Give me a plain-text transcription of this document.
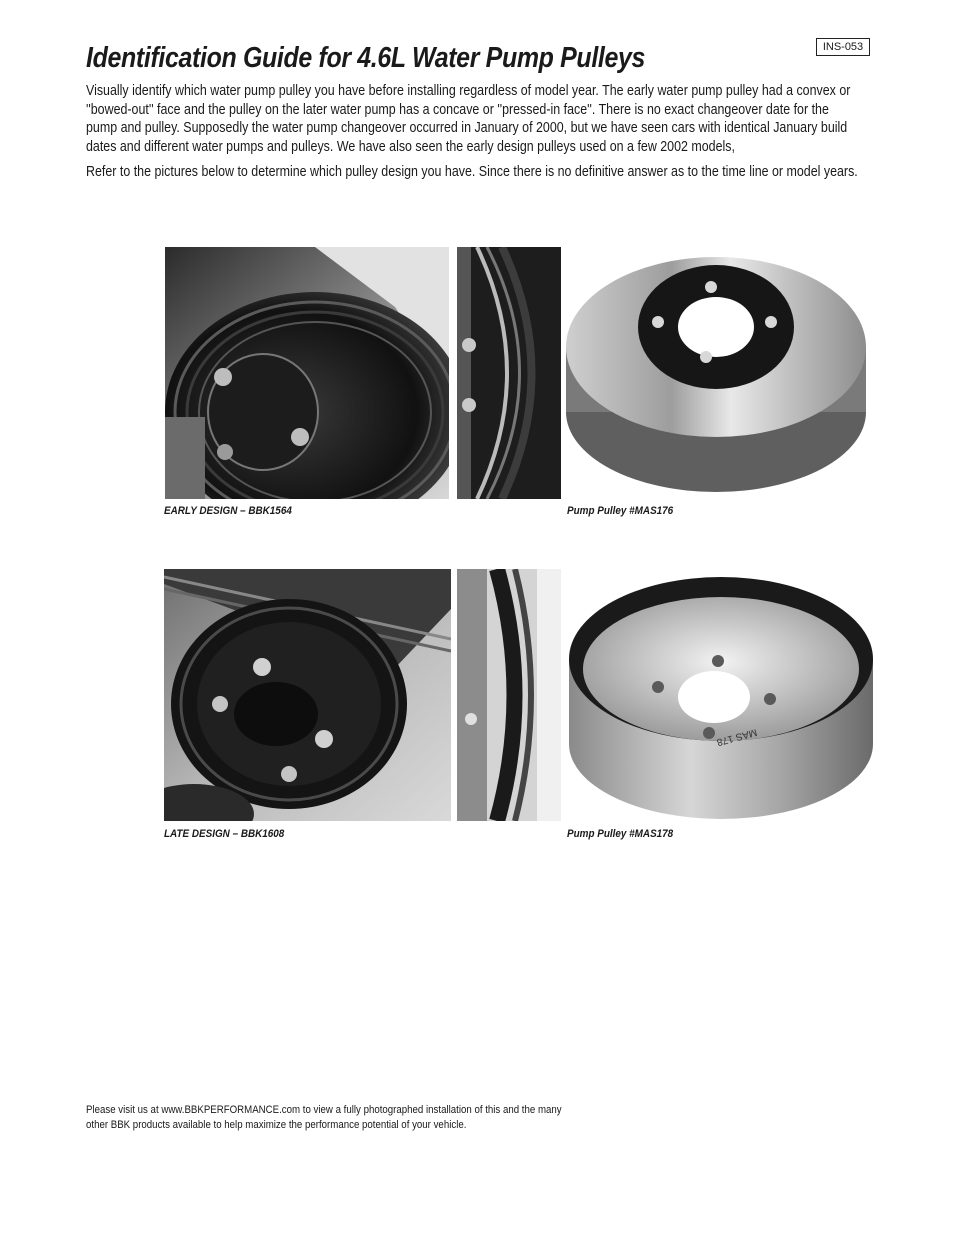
INS-053
Identification Guide for 4.6L Water Pump Pulleys

Visually identify which water pump pulley you have before installing regardless of model year. The early water pump pulley had a convex or ''bowed-out'' face and the pulley on the later water pump has a concave or ''pressed-in face''. There is no exact changeover date for the pump and pulley. Supposedly the water pump changeover occurred in January of 2000, but we have seen cars with identical January build dates and different water pumps and pulleys. We have also seen the early design pulleys used on a few 2002 models,

Refer to the pictures below to determine which pulley design you have. Since there is no definitive answer as to the time line or model years.

EARLY DESIGN – BBK1564	Pump Pulley #MAS176
MAS 178
LATE DESIGN – BBK1608	Pump Pulley #MAS178
Please visit us at www.BBKPERFORMANCE.com to view a fully photographed installation of this and the many
other BBK products available to help maximize the performance potential of your vehicle.
